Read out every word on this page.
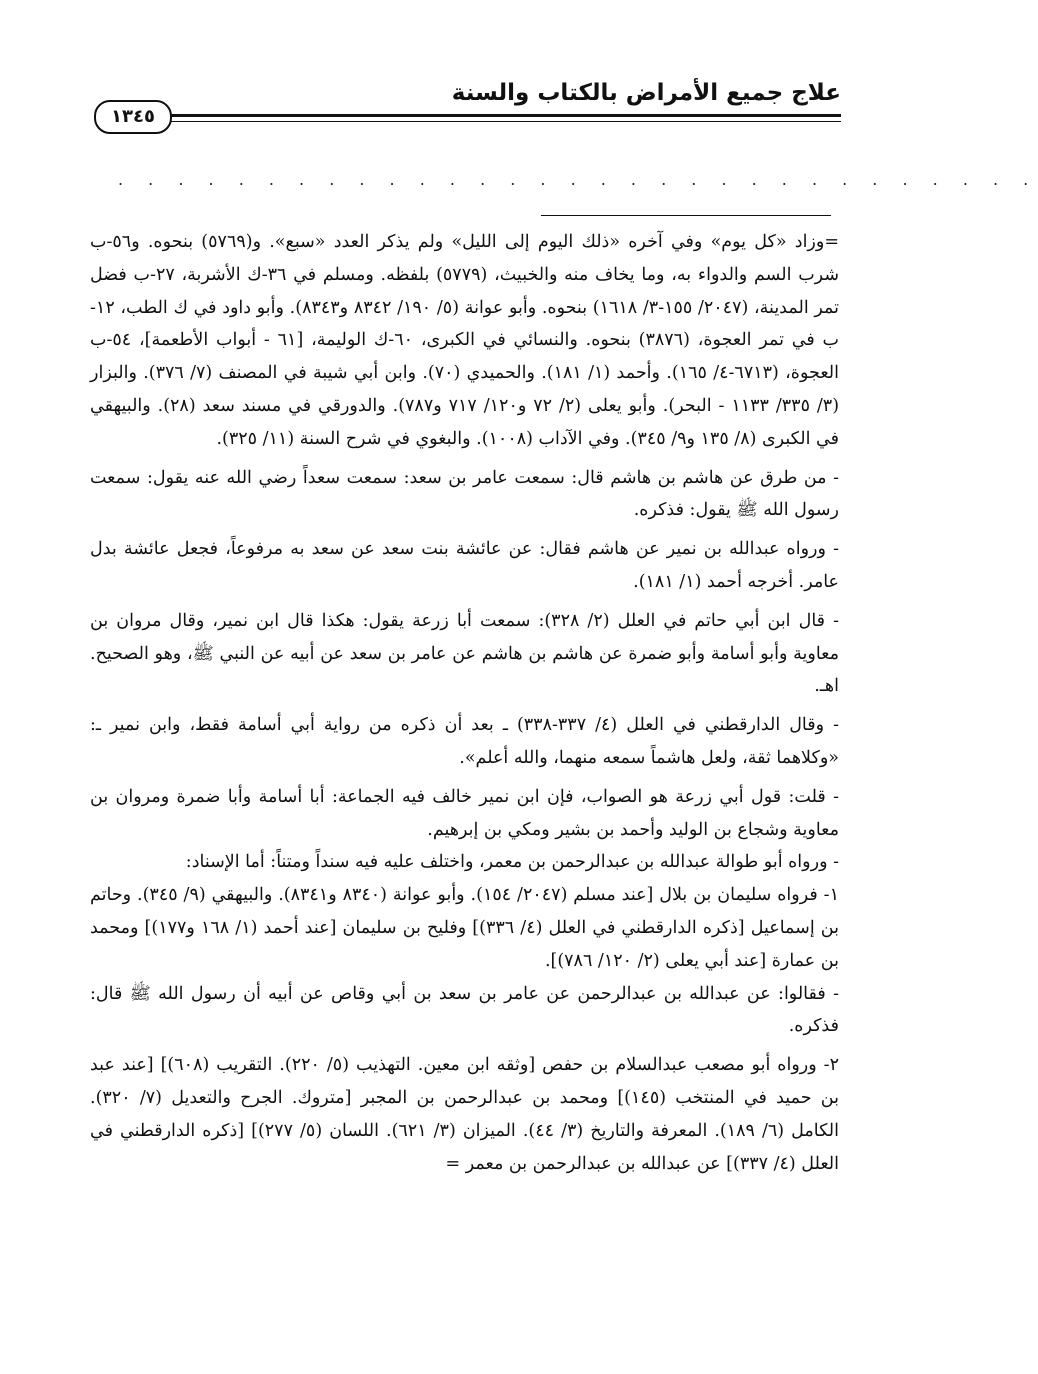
علاج جميع الأمراض بالكتاب والسنة
١٣٤٥
. . . . . . . . . . . . . . . . . . . . . . . . . . . . . . .

=وزاد «كل يوم» وفي آخره «ذلك اليوم إلى الليل» ولم يذكر العدد «سبع». و(٥٧٦٩) بنحوه. و٥٦-ب شرب السم والدواء به، وما يخاف منه والخبيث، (٥٧٧٩) بلفظه. ومسلم في ٣٦-ك الأشربة، ٢٧-ب فضل تمر المدينة، (٢٠٤٧/ ١٥٥-٣/ ١٦١٨) بنحوه. وأبو عوانة (٥/ ١٩٠/ ٨٣٤٢ و٨٣٤٣). وأبو داود في ك الطب، ١٢-ب في تمر العجوة، (٣٨٧٦) بنحوه. والنسائي في الكبرى، ٦٠-ك الوليمة، [٦١ - أبواب الأطعمة]، ٥٤-ب العجوة، (٦٧١٣-٤/ ١٦٥). وأحمد (١/ ١٨١). والحميدي (٧٠). وابن أبي شيبة في المصنف (٧/ ٣٧٦). والبزار (٣/ ٣٣٥/ ١١٣٣ - البحر). وأبو يعلى (٢/ ٧٢ و١٢٠/ ٧١٧ و٧٨٧). والدورقي في مسند سعد (٢٨). والبيهقي في الكبرى (٨/ ١٣٥ و٩/ ٣٤٥). وفي الآداب (١٠٠٨). والبغوي في شرح السنة (١١/ ٣٢٥).

- من طرق عن هاشم بن هاشم قال: سمعت عامر بن سعد: سمعت سعداً رضي الله عنه يقول: سمعت رسول الله ﷺ يقول: فذكره.

- ورواه عبدالله بن نمير عن هاشم فقال: عن عائشة بنت سعد عن سعد به مرفوعاً، فجعل عائشة بدل عامر. أخرجه أحمد (١/ ١٨١).

- قال ابن أبي حاتم في العلل (٢/ ٣٢٨): سمعت أبا زرعة يقول: هكذا قال ابن نمير، وقال مروان بن معاوية وأبو أسامة وأبو ضمرة عن هاشم بن هاشم عن عامر بن سعد عن أبيه عن النبي ﷺ، وهو الصحيح. اهـ.

- وقال الدارقطني في العلل (٤/ ٣٣٧-٣٣٨) ـ بعد أن ذكره من رواية أبي أسامة فقط، وابن نمير ـ: «وكلاهما ثقة، ولعل هاشماً سمعه منهما، والله أعلم».

- قلت: قول أبي زرعة هو الصواب، فإن ابن نمير خالف فيه الجماعة: أبا أسامة وأبا ضمرة ومروان بن معاوية وشجاع بن الوليد وأحمد بن بشير ومكي بن إبرهيم.

- ورواه أبو طوالة عبدالله بن عبدالرحمن بن معمر، واختلف عليه فيه سنداً ومتناً: أما الإسناد:

١- فرواه سليمان بن بلال [عند مسلم (٢٠٤٧/ ١٥٤). وأبو عوانة (٨٣٤٠ و٨٣٤١). والبيهقي (٩/ ٣٤٥). وحاتم بن إسماعيل [ذكره الدارقطني في العلل (٤/ ٣٣٦)] وفليح بن سليمان [عند أحمد (١/ ١٦٨ و١٧٧)] ومحمد بن عمارة [عند أبي يعلى (٢/ ١٢٠/ ٧٨٦)].

- فقالوا: عن عبدالله بن عبدالرحمن عن عامر بن سعد بن أبي وقاص عن أبيه أن رسول الله ﷺ قال: فذكره.

٢- ورواه أبو مصعب عبدالسلام بن حفص [وثقه ابن معين. التهذيب (٥/ ٢٢٠). التقريب (٦٠٨)] [عند عبد بن حميد في المنتخب (١٤٥)] ومحمد بن عبدالرحمن بن المجبر [متروك. الجرح والتعديل (٧/ ٣٢٠). الكامل (٦/ ١٨٩). المعرفة والتاريخ (٣/ ٤٤). الميزان (٣/ ٦٢١). اللسان (٥/ ٢٧٧)] [ذكره الدارقطني في العلل (٤/ ٣٣٧)] عن عبدالله بن عبدالرحمن بن معمر =
